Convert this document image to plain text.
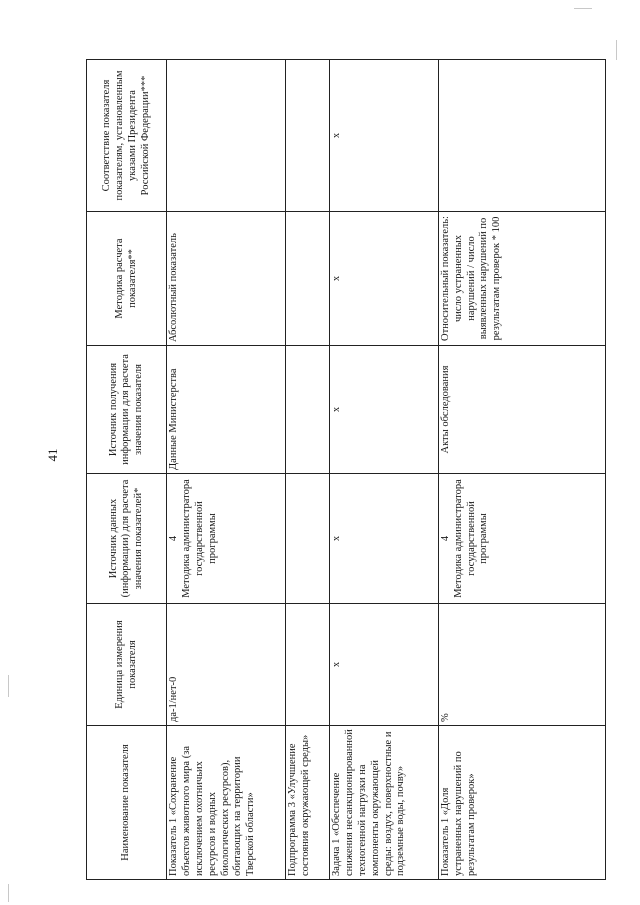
41
Наименование показателя	Единица измерения показателя	Источник данных (информации) для расчета значения показателей*	Источник получения информации для расчета значения показателя	Методика расчета показателя**	Соответствие показателя показателям, установленным указами Президента Российской Федерации***
Показатель 1 «Сохранение объектов животного мира (за исключением охотничьих ресурсов и водных биологических ресурсов), обитающих на территории Тверской области»	да-1/нет-0	4 Методика администратора государственной программы	Данные Министерства	Абсолютный показатель	
Подпрограмма 3 «Улучшение состояния окружающей среды»					
Задача 1 «Обеспечение снижения несанкционированной техногенной нагрузки на компоненты окружающей среды: воздух, поверхностные и подземные воды, почву»	х	х	х	х	х
Показатель 1 «Доля устраненных нарушений по результатам проверок»	%	4 Методика администратора государственной программы	Акты обследования	Относительный показатель: число устраненных нарушений / число выявленных нарушений по результатам проверок * 100	
